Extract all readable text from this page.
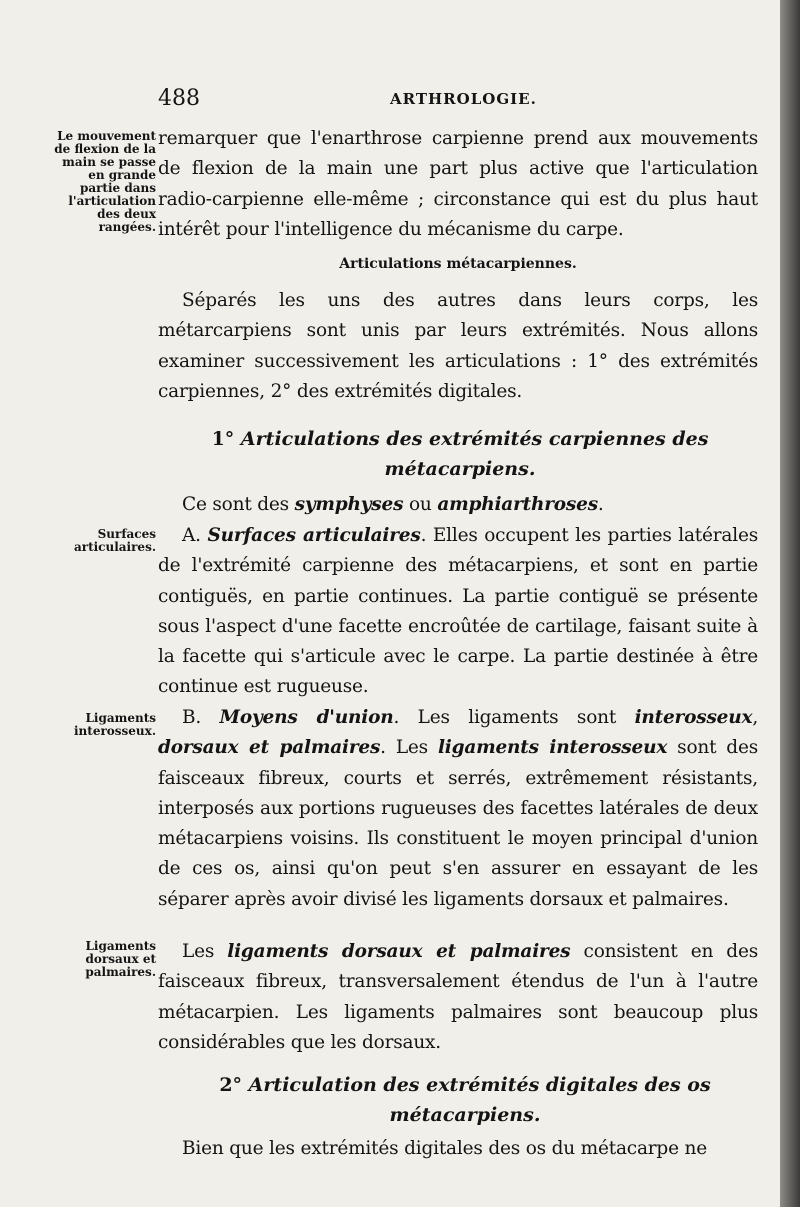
488	ARTHROLOGIE.
Le mouvement de flexion de la main se passe en grande partie dans l'articulation des deux rangées.
Surfaces articulaires.
Ligaments interosseux.
Ligaments dorsaux et palmaires.

remarquer que l'enarthrose carpienne prend aux mouvements de flexion de la main une part plus active que l'articulation radio-carpienne elle-même ; circonstance qui est du plus haut intérêt pour l'intelligence du mécanisme du carpe.

Articulations métacarpiennes.

Séparés les uns des autres dans leurs corps, les métarcarpiens sont unis par leurs extrémités. Nous allons examiner successivement les articulations : 1° des extrémités carpiennes, 2° des extrémités digitales.

1° Articulations des extrémités carpiennes des métacarpiens.

Ce sont des symphyses ou amphiarthroses.

A. Surfaces articulaires. Elles occupent les parties latérales de l'extrémité carpienne des métacarpiens, et sont en partie contiguës, en partie continues. La partie contiguë se présente sous l'aspect d'une facette encroûtée de cartilage, faisant suite à la facette qui s'articule avec le carpe. La partie destinée à être continue est rugueuse.

B. Moyens d'union. Les ligaments sont interosseux, dorsaux et palmaires. Les ligaments interosseux sont des faisceaux fibreux, courts et serrés, extrêmement résistants, interposés aux portions rugueuses des facettes latérales de deux métacarpiens voisins. Ils constituent le moyen principal d'union de ces os, ainsi qu'on peut s'en assurer en essayant de les séparer après avoir divisé les ligaments dorsaux et palmaires.

Les ligaments dorsaux et palmaires consistent en des faisceaux fibreux, transversalement étendus de l'un à l'autre métacarpien. Les ligaments palmaires sont beaucoup plus considérables que les dorsaux.

2° Articulation des extrémités digitales des os métacarpiens.

Bien que les extrémités digitales des os du métacarpe ne
